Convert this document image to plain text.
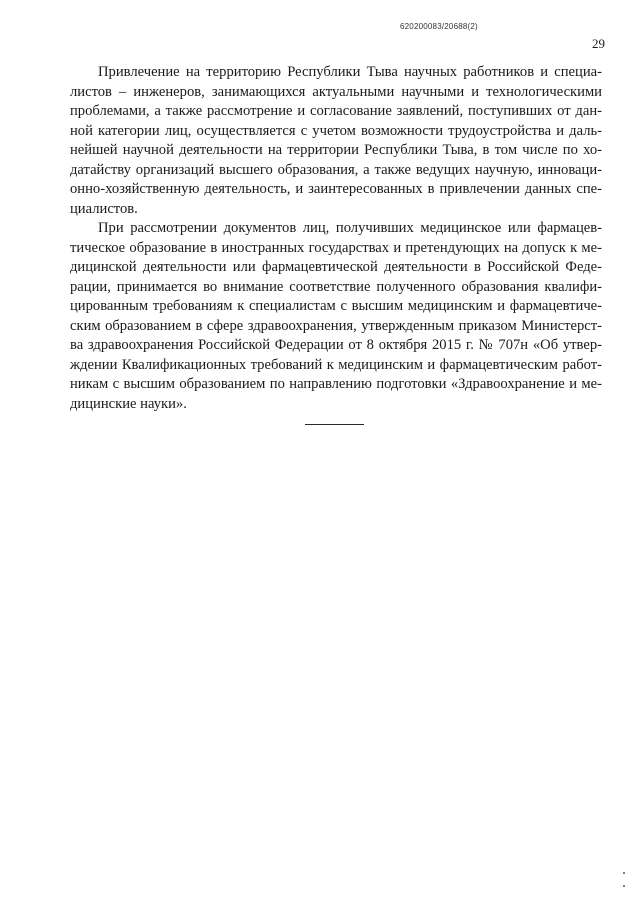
620200083/20688(2)
29
Привлечение на территорию Республики Тыва научных работников и специа-
листов – инженеров, занимающихся актуальными научными и технологическими
проблемами, а также рассмотрение и согласование заявлений, поступивших от дан-
ной категории лиц, осуществляется с учетом возможности трудоустройства и даль-
нейшей научной деятельности на территории Республики Тыва, в том числе по хо-
датайству организаций высшего образования, а также ведущих научную, инноваци-
онно-хозяйственную деятельность, и заинтересованных в привлечении данных спе-
циалистов.
При рассмотрении документов лиц, получивших медицинское или фармацев-
тическое образование в иностранных государствах и претендующих на допуск к ме-
дицинской деятельности или фармацевтической деятельности в Российской Федe-
рации, принимается во внимание соответствие полученного образования квалифи-
цированным требованиям к специалистам с высшим медицинским и фармацевтиче-
ским образованием в сфере здравоохранения, утвержденным приказом Министерст-
ва здравоохранения Российской Федерации от 8 октября 2015 г. № 707н «Об утвер-
ждении Квалификационных требований к медицинским и фармацевтическим работ-
никам с высшим образованием по направлению подготовки «Здравоохранение и ме-
дицинские науки».
